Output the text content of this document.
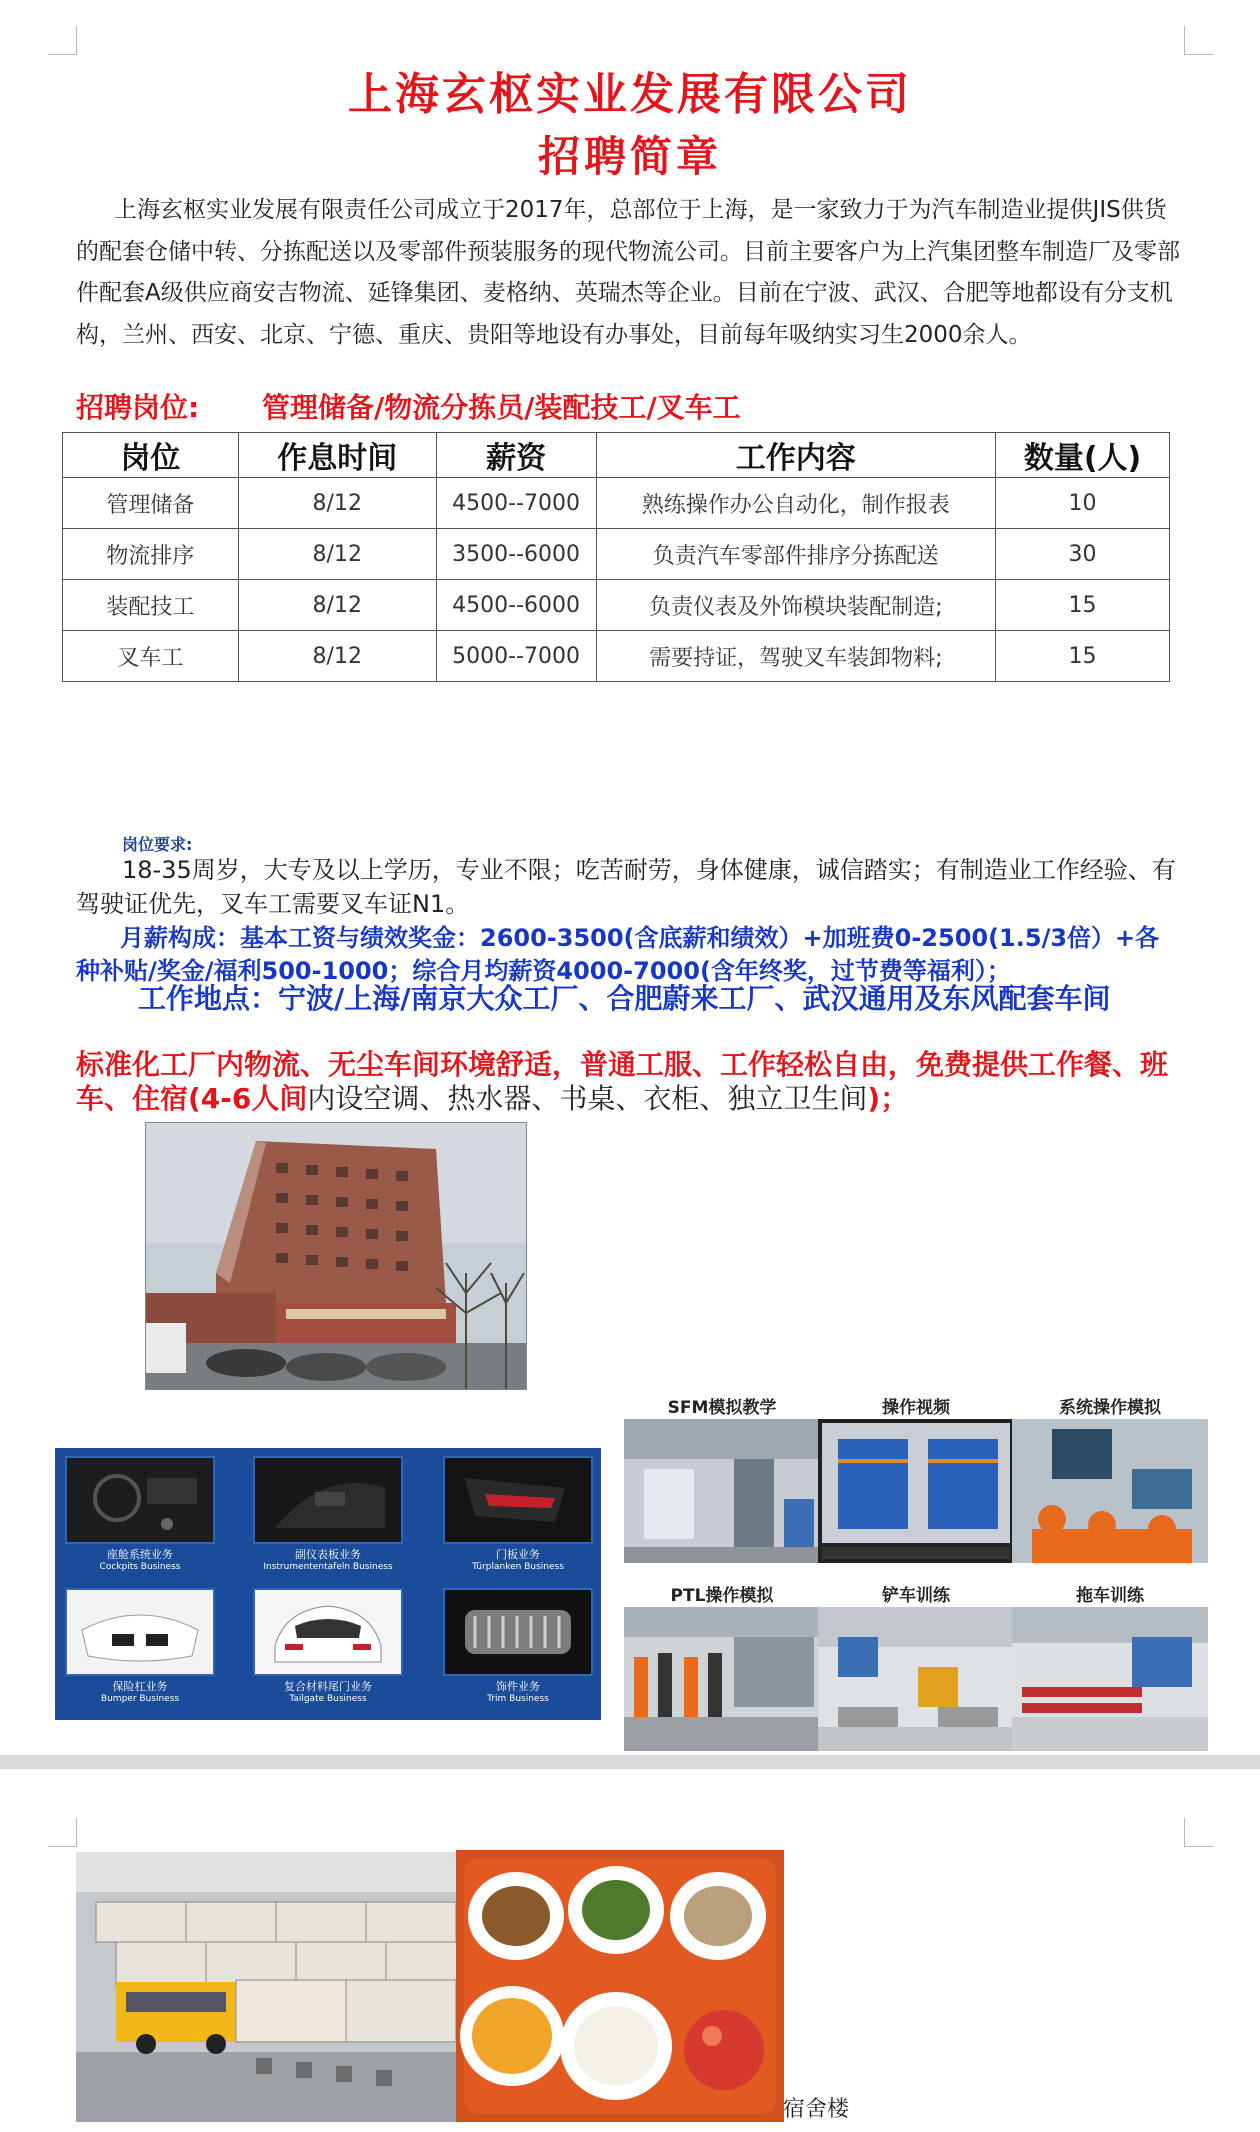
上海玄枢实业发展有限公司
招聘简章
上海玄枢实业发展有限责任公司成立于2017年，总部位于上海，是一家致力于为汽车制造业提供JIS供货的配套仓储中转、分拣配送以及零部件预装服务的现代物流公司。目前主要客户为上汽集团整车制造厂及零部件配套A级供应商安吉物流、延锋集团、麦格纳、英瑞杰等企业。目前在宁波、武汉、合肥等地都设有分支机构，兰州、西安、北京、宁德、重庆、贵阳等地设有办事处，目前每年吸纳实习生2000余人。
招聘岗位: 管理储备/物流分拣员/装配技工/叉车工
岗位	作息时间	薪资	工作内容	数量(人)
管理储备	8/12	4500--7000	熟练操作办公自动化，制作报表	10
物流排序	8/12	3500--6000	负责汽车零部件排序分拣配送	30
装配技工	8/12	4500--6000	负责仪表及外饰模块装配制造;	15
叉车工	8/12	5000--7000	需要持证，驾驶叉车装卸物料;	15
岗位要求:
18-35周岁，大专及以上学历，专业不限；吃苦耐劳，身体健康，诚信踏实；有制造业工作经验、有驾驶证优先，叉车工需要叉车证N1。
月薪构成：基本工资与绩效奖金：2600-3500(含底薪和绩效）+加班费0-2500(1.5/3倍）+各种补贴/奖金/福利500-1000；综合月均薪资4000-7000(含年终奖，过节费等福利）；
工作地点：宁波/上海/南京大众工厂、合肥蔚来工厂、武汉通用及东风配套车间
标准化工厂内物流、无尘车间环境舒适，普通工服、工作轻松自由，免费提供工作餐、班车、住宿(4-6人间内设空调、热水器、书桌、衣柜、独立卫生间)；
座舱系统业务
Cockpits Business
副仪表板业务
Instrumententafeln Business
门板业务
Türplanken Business
保险杠业务
Bumper Business
复合材料尾门业务
Tailgate Business
饰件业务
Trim Business
SFM模拟教学	操作视频	系统操作模拟
PTL操作模拟	铲车训练	拖车训练
宿舍楼
